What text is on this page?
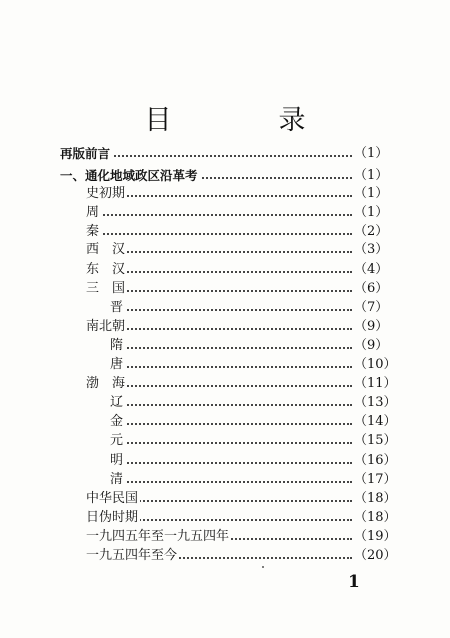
目　录
再版前言	（1）
一、通化地域政区沿革考	（1）
史初期	（1）
周	（1）
秦	（2）
西　汉	（3）
东　汉	（4）
三　国	（6）
晋	（7）
南北朝	（9）
隋	（9）
唐	（10）
渤　海	（11）
辽	（13）
金	（14）
元	（15）
明	（16）
清	（17）
中华民国	（18）
日伪时期	（18）
一九四五年至一九五四年	（19）
一九五四年至今	（20）
1
